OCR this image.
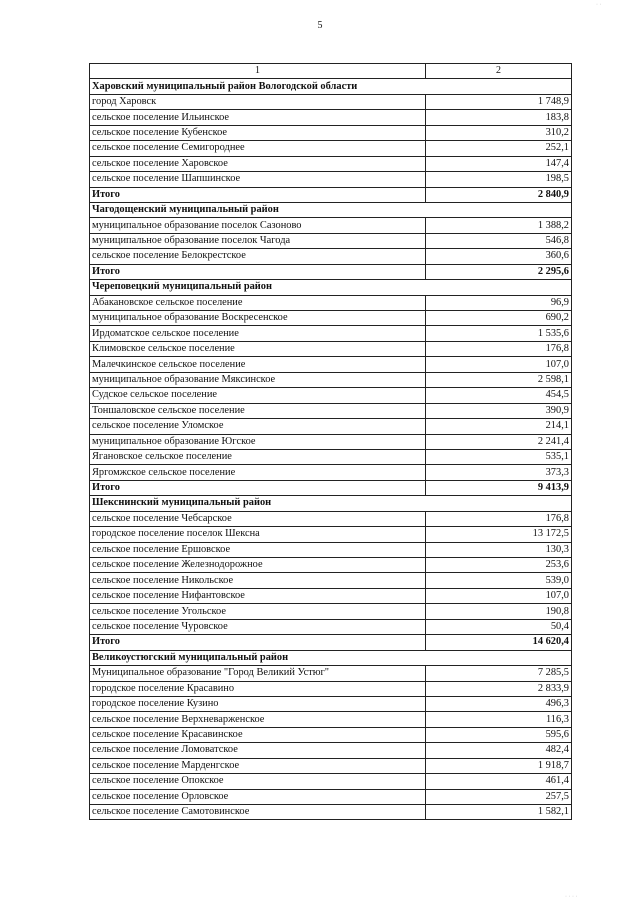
· ·
5
1	2
Харовский муниципальный район Вологодской области	
город Харовск	1 748,9
сельское поселение Ильинское	183,8
сельское поселение Кубенское	310,2
сельское поселение Семигороднее	252,1
сельское поселение Харовское	147,4
сельское поселение Шапшинское	198,5
Итого	2 840,9
Чагодощенский муниципальный район	
муниципальное образование поселок Сазоново	1 388,2
муниципальное образование поселок Чагода	546,8
сельское поселение Белокрестское	360,6
Итого	2 295,6
Череповецкий муниципальный район	
Абакановское сельское поселение	96,9
муниципальное образование Воскресенское	690,2
Ирдоматское сельское поселение	1 535,6
Климовское сельское поселение	176,8
Малечкинское сельское поселение	107,0
муниципальное образование Мяксинское	2 598,1
Судское сельское поселение	454,5
Тоншаловское сельское поселение	390,9
сельское поселение Уломское	214,1
муниципальное образование Югское	2 241,4
Ягановское сельское поселение	535,1
Яргомжское сельское поселение	373,3
Итого	9 413,9
Шекснинский муниципальный район	
сельское поселение Чебсарское	176,8
городское поселение поселок Шексна	13 172,5
сельское поселение Ершовское	130,3
сельское поселение Железнодорожное	253,6
сельское поселение Никольское	539,0
сельское поселение Нифантовское	107,0
сельское поселение Угольское	190,8
сельское поселение Чуровское	50,4
Итого	14 620,4
Великоустюгский муниципальный район	
Муниципальное образование "Город Великий Устюг"	7 285,5
городское поселение Красавино	2 833,9
городское поселение Кузино	496,3
сельское поселение Верхневарженское	116,3
сельское поселение Красавинское	595,6
сельское поселение Ломоватское	482,4
сельское поселение Марденгское	1 918,7
сельское поселение Опокское	461,4
сельское поселение Орловское	257,5
сельское поселение Самотовинское	1 582,1
· · · ·
